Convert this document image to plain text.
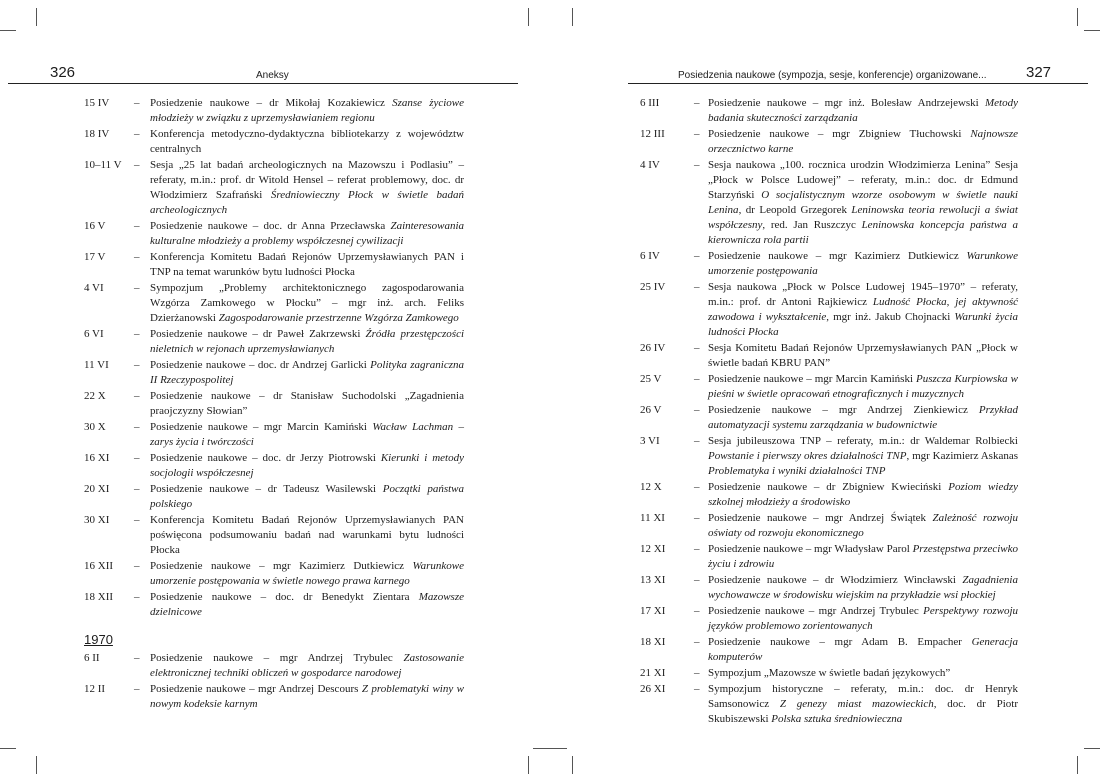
326	Aneksy
15 IV – Posiedzenie naukowe – dr Mikołaj Kozakiewicz Szanse życiowe młodzieży w związku z uprzemysławianiem regionu
18 IV – Konferencja metodyczno-dydaktyczna bibliotekarzy z województw centralnych
10–11 V – Sesja „25 lat badań archeologicznych na Mazowszu i Podlasiu” – referaty, m.in.: prof. dr Witold Hensel – referat problemowy, doc. dr Włodzimierz Szafrański Średniowieczny Płock w świetle badań archeologicznych
16 V	– Posiedzenie naukowe – doc. dr Anna Przecławska Zainteresowania kulturalne młodzieży a problemy współczesnej cywilizacji
17 V	– Konferencja Komitetu Badań Rejonów Uprzemysławianych PAN i TNP na temat warunków bytu ludności Płocka
4 VI	– Sympozjum „Problemy architektonicznego zagospodarowania Wzgórza Zamkowego w Płocku” – mgr inż. arch. Feliks Dzierżanowski Zagospodarowanie przestrzenne Wzgórza Zamkowego
6 VI	– Posiedzenie naukowe – dr Paweł Zakrzewski Źródła przestępczości nieletnich w rejonach uprzemysławianych
11 VI – Posiedzenie naukowe – doc. dr Andrzej Garlicki Polityka zagraniczna II Rzeczypospolitej
22 X	– Posiedzenie naukowe – dr Stanisław Suchodolski „Zagadnienia praojczyzny Słowian”
30 X	– Posiedzenie naukowe – mgr Marcin Kamiński Wacław Lachman – zarys życia i twórczości
16 XI – Posiedzenie naukowe – doc. dr Jerzy Piotrowski Kierunki i metody socjologii współczesnej
20 XI – Posiedzenie naukowe – dr Tadeusz Wasilewski Początki państwa polskiego
30 XI – Konferencja Komitetu Badań Rejonów Uprzemysławianych PAN poświęcona podsumowaniu badań nad warunkami bytu ludności Płocka
16 XII – Posiedzenie naukowe – mgr Kazimierz Dutkiewicz Warunkowe umorzenie postępowania w świetle nowego prawa karnego
18 XII – Posiedzenie naukowe – doc. dr Benedykt Zientara Mazowsze dzielnicowe
1970
6 II	– Posiedzenie naukowe – mgr Andrzej Trybulec Zastosowanie elektronicznej techniki obliczeń w gospodarce narodowej
12 II	– Posiedzenie naukowe – mgr Andrzej Descours Z problematyki winy w nowym kodeksie karnym
Posiedzenia naukowe (sympozja, sesje, konferencje) organizowane...	327
6 III	– Posiedzenie naukowe – mgr inż. Bolesław Andrzejewski Metody badania skuteczności zarządzania
12 III	– Posiedzenie naukowe – mgr Zbigniew Tłuchowski Najnowsze orzecznictwo karne
4 IV	– Sesja naukowa „100. rocznica urodzin Włodzimierza Lenina” Sesja „Płock w Polsce Ludowej” – referaty, m.in.: doc. dr Edmund Starzyński O socjalistycznym wzorze osobowym w świetle nauki Lenina, dr Leopold Grzegorek Leninowska teoria rewolucji a świat współczesny, red. Jan Ruszczyc Leninowska koncepcja państwa a kierownicza rola partii
6 IV	– Posiedzenie naukowe – mgr Kazimierz Dutkiewicz Warunkowe umorzenie postępowania
25 IV	– Sesja naukowa „Płock w Polsce Ludowej 1945–1970” – referaty, m.in.: prof. dr Antoni Rajkiewicz Ludność Płocka, jej aktywność zawodowa i wykształcenie, mgr inż. Jakub Chojnacki Warunki życia ludności Płocka
26 IV	– Sesja Komitetu Badań Rejonów Uprzemysławianych PAN „Płock w świetle badań KBRU PAN”
25 V	– Posiedzenie naukowe – mgr Marcin Kamiński Puszcza Kurpiowska w pieśni w świetle opracowań etnograficznych i muzycznych
26 V	– Posiedzenie naukowe – mgr Andrzej Zienkiewicz Przykład automatyzacji systemu zarządzania w budownictwie
3 VI	– Sesja jubileuszowa TNP – referaty, m.in.: dr Waldemar Rolbiecki Powstanie i pierwszy okres działalności TNP, mgr Kazimierz Askanas Problematyka i wyniki działalności TNP
12 X	– Posiedzenie naukowe – dr Zbigniew Kwieciński Poziom wiedzy szkolnej młodzieży a środowisko
11 XI	– Posiedzenie naukowe – mgr Andrzej Świątek Zależność rozwoju oświaty od rozwoju ekonomicznego
12 XI	– Posiedzenie naukowe – mgr Władysław Parol Przestępstwa przeciwko życiu i zdrowiu
13 XI	– Posiedzenie naukowe – dr Włodzimierz Wincławski Zagadnienia wychowawcze w środowisku wiejskim na przykładzie wsi płockiej
17 XI	– Posiedzenie naukowe – mgr Andrzej Trybulec Perspektywy rozwoju języków problemowo zorientowanych
18 XI	– Posiedzenie naukowe – mgr Adam B. Empacher Generacja komputerów
21 XI	– Sympozjum „Mazowsze w świetle badań językowych”
26 XI	– Sympozjum historyczne – referaty, m.in.: doc. dr Henryk Samsonowicz Z genezy miast mazowieckich, doc. dr Piotr Skubiszewski Polska sztuka średniowieczna
